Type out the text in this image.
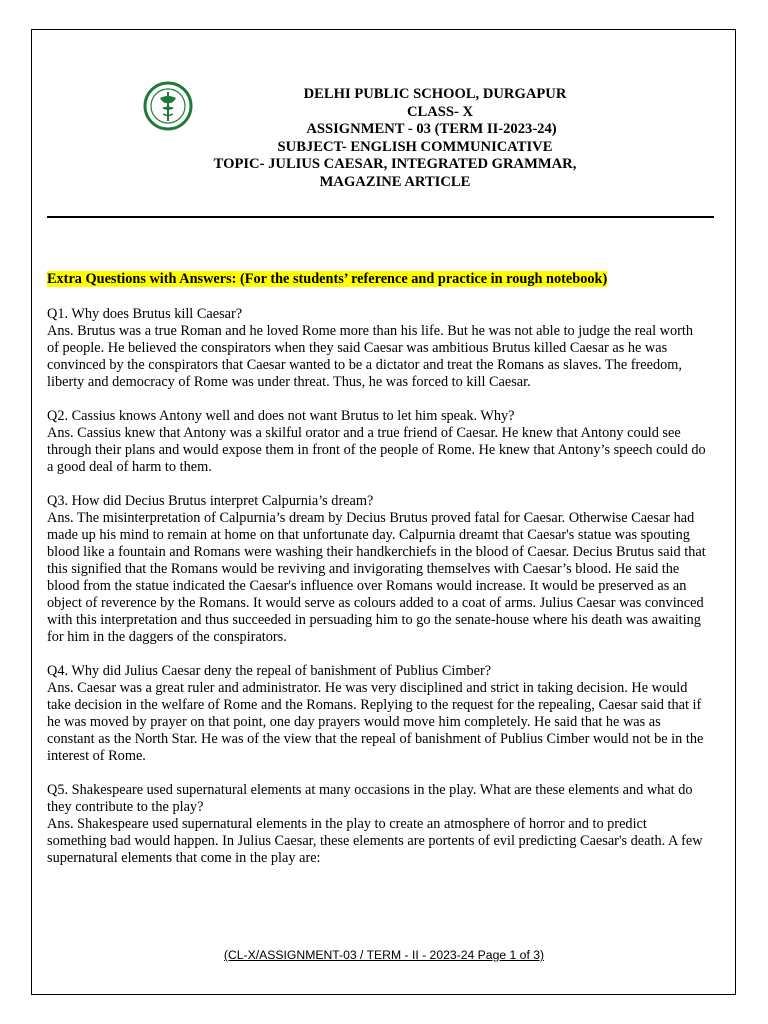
DELHI PUBLIC SCHOOL, DURGAPUR
CLASS- X
ASSIGNMENT - 03 (TERM II-2023-24)
SUBJECT- ENGLISH COMMUNICATIVE
TOPIC- JULIUS CAESAR, INTEGRATED GRAMMAR,
MAGAZINE ARTICLE

Extra Questions with Answers: (For the students’ reference and practice in rough notebook)

Q1. Why does Brutus kill Caesar?

Ans. Brutus was a true Roman and he loved Rome more than his life. But he was not able to judge the real worth of people. He believed the conspirators when they said Caesar was ambitious Brutus killed Caesar as he was convinced by the conspirators that Caesar wanted to be a dictator and treat the Romans as slaves. The freedom, liberty and democracy of Rome was under threat. Thus, he was forced to kill Caesar.

Q2. Cassius knows Antony well and does not want Brutus to let him speak. Why?

Ans. Cassius knew that Antony was a skilful orator and a true friend of Caesar. He knew that Antony could see through their plans and would expose them in front of the people of Rome. He knew that Antony’s speech could do a good deal of harm to them.

Q3. How did Decius Brutus interpret Calpurnia’s dream?

Ans. The misinterpretation of Calpurnia’s dream by Decius Brutus proved fatal for Caesar. Otherwise Caesar had made up his mind to remain at home on that unfortunate day. Calpurnia dreamt that Caesar's statue was spouting blood like a fountain and Romans were washing their handkerchiefs in the blood of Caesar. Decius Brutus said that this signified that the Romans would be reviving and invigorating themselves with Caesar’s blood. He said the blood from the statue indicated the Caesar's influence over Romans would increase. It would be preserved as an object of reverence by the Romans. It would serve as colours added to a coat of arms. Julius Caesar was convinced with this interpretation and thus succeeded in persuading him to go the senate-house where his death was awaiting for him in the daggers of the conspirators.

Q4. Why did Julius Caesar deny the repeal of banishment of Publius Cimber?

Ans. Caesar was a great ruler and administrator. He was very disciplined and strict in taking decision. He would take decision in the welfare of Rome and the Romans. Replying to the request for the repealing, Caesar said that if he was moved by prayer on that point, one day prayers would move him completely. He said that he was as constant as the North Star. He was of the view that the repeal of banishment of Publius Cimber would not be in the interest of Rome.

Q5. Shakespeare used supernatural elements at many occasions in the play. What are these elements and what do they contribute to the play?

Ans. Shakespeare used supernatural elements in the play to create an atmosphere of horror and to predict something bad would happen. In Julius Caesar, these elements are portents of evil predicting Caesar's death. A few supernatural elements that come in the play are:

(CL-X/ASSIGNMENT-03 / TERM - II - 2023-24 Page 1 of 3)
